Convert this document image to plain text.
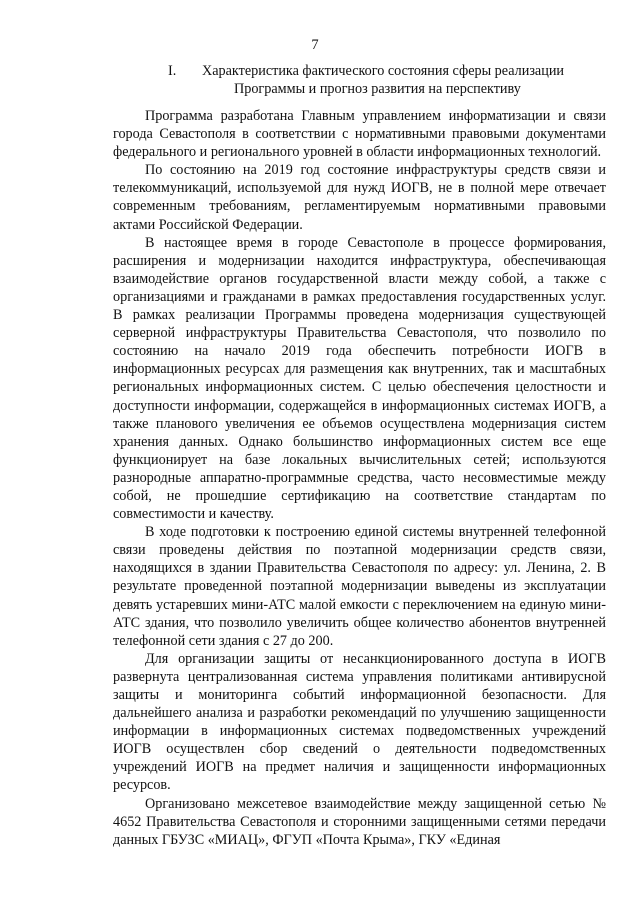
7
I. Характеристика фактического состояния сферы реализации
Программы и прогноз развития на перспективу

Программа разработана Главным управлением информатизации и связи города Севастополя в соответствии с нормативными правовыми документами федерального и регионального уровней в области информационных технологий.

По состоянию на 2019 год состояние инфраструктуры средств связи и телекоммуникаций, используемой для нужд ИОГВ, не в полной мере отвечает современным требованиям, регламентируемым нормативными правовыми актами Российской Федерации.

В настоящее время в городе Севастополе в процессе формирования, расширения и модернизации находится инфраструктура, обеспечивающая взаимодействие органов государственной власти между собой, а также с организациями и гражданами в рамках предоставления государственных услуг. В рамках реализации Программы проведена модернизация существующей серверной инфраструктуры Правительства Севастополя, что позволило по состоянию на начало 2019 года обеспечить потребности ИОГВ в информационных ресурсах для размещения как внутренних, так и масштабных региональных информационных систем. С целью обеспечения целостности и доступности информации, содержащейся в информационных системах ИОГВ, а также планового увеличения ее объемов осуществлена модернизация систем хранения данных. Однако большинство информационных систем все еще функционирует на базе локальных вычислительных сетей; используются разнородные аппаратно-программные средства, часто несовместимые между собой, не прошедшие сертификацию на соответствие стандартам по совместимости и качеству.

В ходе подготовки к построению единой системы внутренней телефонной связи проведены действия по поэтапной модернизации средств связи, находящихся в здании Правительства Севастополя по адресу: ул. Ленина, 2. В результате проведенной поэтапной модернизации выведены из эксплуатации девять устаревших мини-АТС малой емкости с переключением на единую мини-АТС здания, что позволило увеличить общее количество абонентов внутренней телефонной сети здания с 27 до 200.

Для организации защиты от несанкционированного доступа в ИОГВ развернута централизованная система управления политиками антивирусной защиты и мониторинга событий информационной безопасности. Для дальнейшего анализа и разработки рекомендаций по улучшению защищенности информации в информационных системах подведомственных учреждений ИОГВ осуществлен сбор сведений о деятельности подведомственных учреждений ИОГВ на предмет наличия и защищенности информационных ресурсов.

Организовано межсетевое взаимодействие между защищенной сетью № 4652 Правительства Севастополя и сторонними защищенными сетями передачи данных ГБУЗС «МИАЦ», ФГУП «Почта Крыма», ГКУ «Единая
